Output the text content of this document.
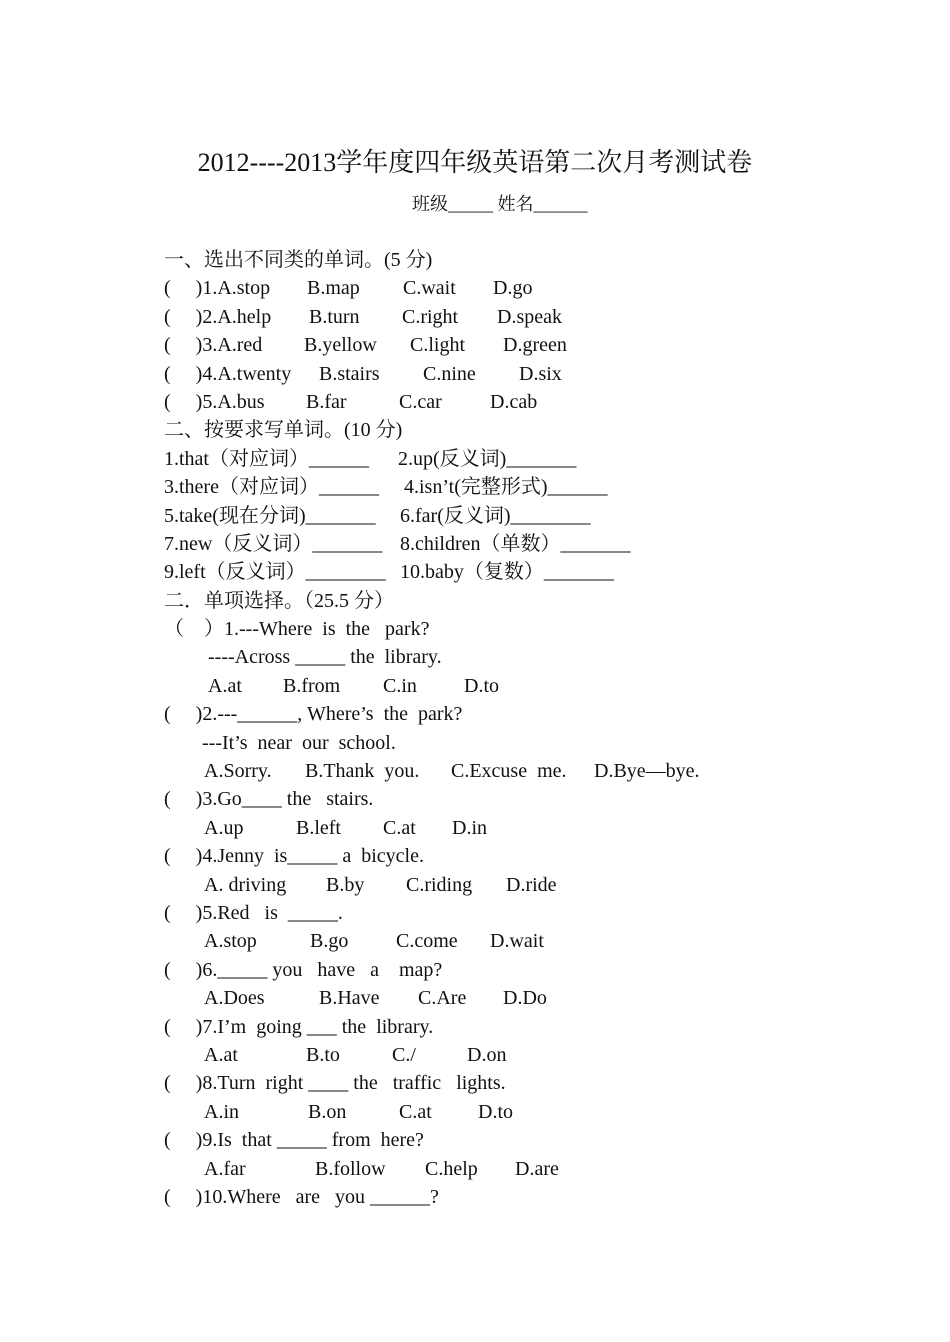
2012----2013学年度四年级英语第二次月考测试卷
班级_____ 姓名______
一、选出不同类的单词。(5 分)
(     )1.A.stop B.map C.wait D.go
(     )2.A.help B.turn C.right D.speak
(     )3.A.red B.yellow C.light D.green
(     )4.A.twenty B.stairs C.nine D.six
(     )5.A.bus B.far	C.car D.cab
二、按要求写单词。(10 分)
1.that（对应词）______ 2.up(反义词)_______
3.there（对应词）______ 4.isn’t(完整形式)______
5.take(现在分词)_______ 6.far(反义词)________
7.new（反义词）_______ 8.children（单数）_______
9.left（反义词）________ 10.baby（复数）_______
二．单项选择。（25.5 分）
（    ）1.---Where  is  the   park?
----Across _____ the  library.
A.at B.from C.in D.to
(     )2.---______, Where’s  the  park?
---It’s  near  our  school.
A.Sorry. B.Thank  you. C.Excuse  me. D.Bye—bye.
(     )3.Go____ the   stairs.
A.up	B.left C.at D.in
(     )4.Jenny  is_____ a  bicycle.
A. driving B.by C.riding D.ride
(     )5.Red   is  _____.
A.stop	B.go C.come D.wait
(     )6._____ you   have   a    map?
A.Does	B.Have C.Are D.Do
(     )7.I’m  going ___ the  library.
A.at	B.to	C./	D.on
(     )8.Turn  right ____ the   traffic   lights.
A.in	B.on	C.at D.to
(     )9.Is  that _____ from  here?
A.far	B.follow C.help D.are
(     )10.Where   are   you ______?
